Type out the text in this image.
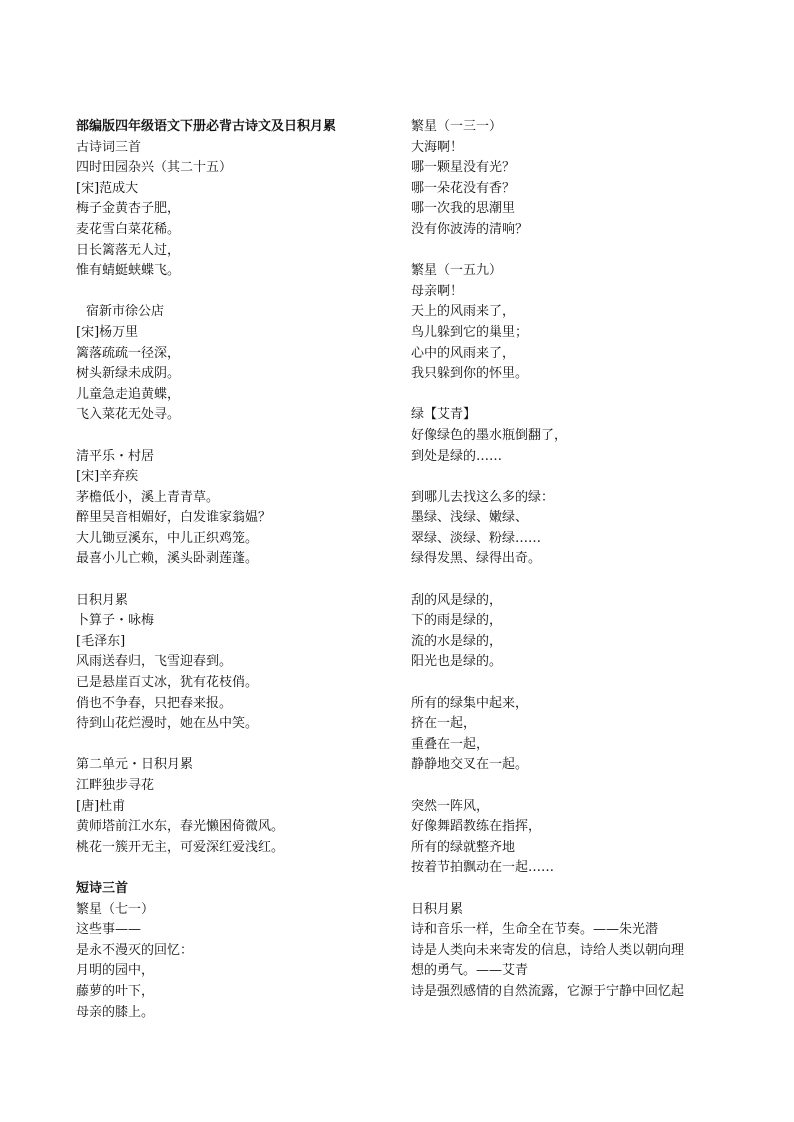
部编版四年级语文下册必背古诗文及日积月累
古诗词三首
四时田园杂兴（其二十五）
[宋]范成大
梅子金黄杏子肥，
麦花雪白菜花稀。
日长篱落无人过，
惟有蜻蜓蛱蝶飞。
宿新市徐公店
[宋]杨万里
篱落疏疏一径深，
树头新绿未成阴。
儿童急走追黄蝶，
飞入菜花无处寻。
清平乐・村居
[宋]辛弃疾
茅檐低小，溪上青青草。
醉里吴音相媚好，白发谁家翁媪？
大儿锄豆溪东，中儿正织鸡笼。
最喜小儿亡赖，溪头卧剥莲蓬。
日积月累
卜算子・咏梅
[毛泽东]
风雨送春归，飞雪迎春到。
已是悬崖百丈冰，犹有花枝俏。
俏也不争春，只把春来报。
待到山花烂漫时，她在丛中笑。
第二单元・日积月累
江畔独步寻花
[唐]杜甫
黄师塔前江水东，春光懒困倚微风。
桃花一簇开无主，可爱深红爱浅红。
短诗三首
繁星（七一）
这些事——
是永不漫灭的回忆：
月明的园中，
藤萝的叶下，
母亲的膝上。
繁星（一三一）
大海啊！
哪一颗星没有光？
哪一朵花没有香？
哪一次我的思潮里
没有你波涛的清响？
繁星（一五九）
母亲啊！
天上的风雨来了，
鸟儿躲到它的巢里；
心中的风雨来了，
我只躲到你的怀里。
绿【艾青】
好像绿色的墨水瓶倒翻了，
到处是绿的……
到哪儿去找这么多的绿：
墨绿、浅绿、嫩绿、
翠绿、淡绿、粉绿……
绿得发黑、绿得出奇。
刮的风是绿的，
下的雨是绿的，
流的水是绿的，
阳光也是绿的。
所有的绿集中起来，
挤在一起，
重叠在一起，
静静地交叉在一起。
突然一阵风，
好像舞蹈教练在指挥，
所有的绿就整齐地
按着节拍飘动在一起……
日积月累
诗和音乐一样，生命全在节奏。——朱光潜
诗是人类向未来寄发的信息，诗给人类以朝向理
想的勇气。——艾青
诗是强烈感情的自然流露，它源于宁静中回忆起
